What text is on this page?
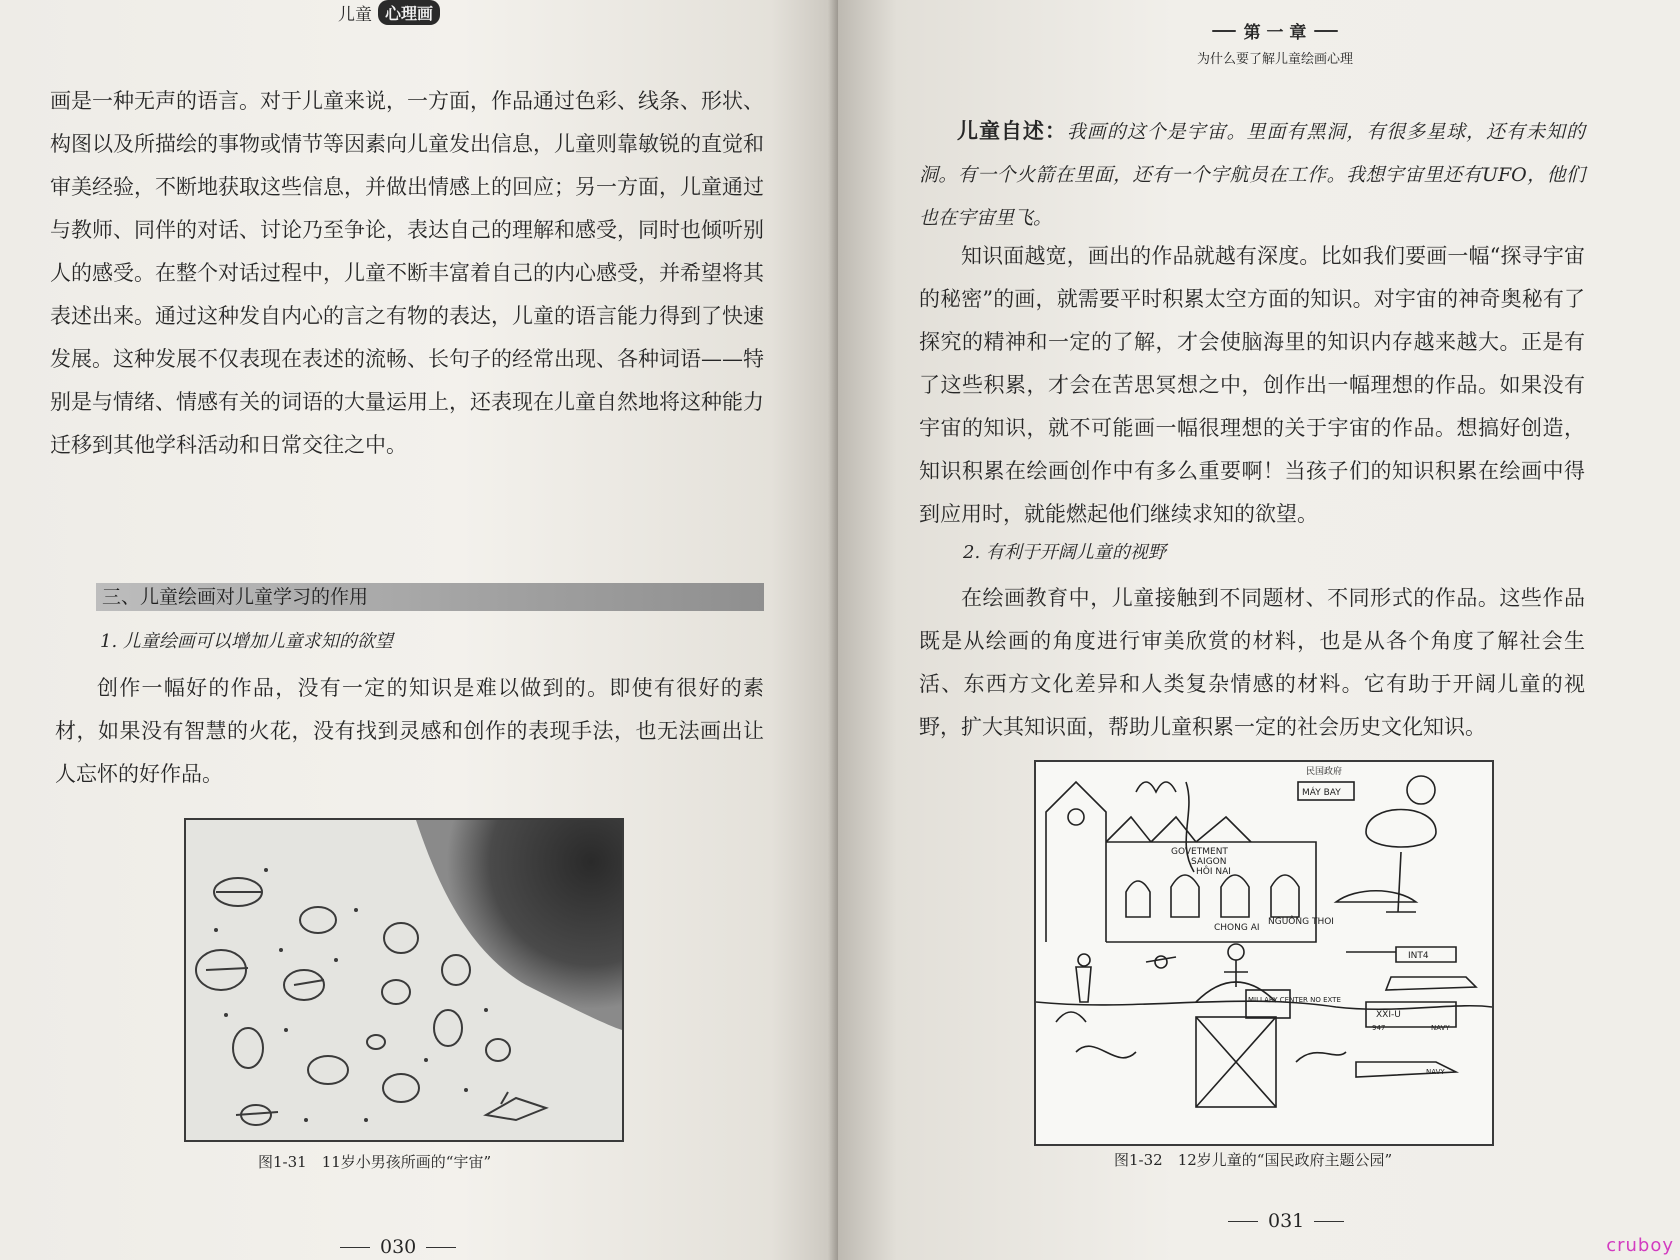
儿童 心理画

画是一种无声的语言。对于儿童来说，一方面，作品通过色彩、线条、形状、构图以及所描绘的事物或情节等因素向儿童发出信息，儿童则靠敏锐的直觉和审美经验，不断地获取这些信息，并做出情感上的回应；另一方面，儿童通过与教师、同伴的对话、讨论乃至争论，表达自己的理解和感受，同时也倾听别人的感受。在整个对话过程中，儿童不断丰富着自己的内心感受，并希望将其表述出来。通过这种发自内心的言之有物的表达，儿童的语言能力得到了快速发展。这种发展不仅表现在表述的流畅、长句子的经常出现、各种词语——特别是与情绪、情感有关的词语的大量运用上，还表现在儿童自然地将这种能力迁移到其他学科活动和日常交往之中。

三、儿童绘画对儿童学习的作用
1. 儿童绘画可以增加儿童求知的欲望

创作一幅好的作品，没有一定的知识是难以做到的。即使有很好的素材，如果没有智慧的火花，没有找到灵感和创作的表现手法，也无法画出让人忘怀的好作品。

图1-31　11岁小男孩所画的“宇宙”
030
第 一 章
为什么要了解儿童绘画心理

儿童自述：我画的这个是宇宙。里面有黑洞，有很多星球，还有未知的洞。有一个火箭在里面，还有一个宇航员在工作。我想宇宙里还有UFO，他们也在宇宙里飞。

知识面越宽，画出的作品就越有深度。比如我们要画一幅“探寻宇宙的秘密”的画，就需要平时积累太空方面的知识。对宇宙的神奇奥秘有了探究的精神和一定的了解，才会使脑海里的知识内存越来越大。正是有了这些积累，才会在苦思冥想之中，创作出一幅理想的作品。如果没有宇宙的知识，就不可能画一幅很理想的关于宇宙的作品。想搞好创造，知识积累在绘画创作中有多么重要啊！当孩子们的知识积累在绘画中得到应用时，就能燃起他们继续求知的欲望。

2. 有利于开阔儿童的视野

在绘画教育中，儿童接触到不同题材、不同形式的作品。这些作品既是从绘画的角度进行审美欣赏的材料，也是从各个角度了解社会生活、东西方文化差异和人类复杂情感的材料。它有助于开阔儿童的视野，扩大其知识面，帮助儿童积累一定的社会历史文化知识。

民国政府
MÁY BAY
GOVETMENT
SAIGON
HÔI NAI
CHONG AI
NGUÔNG THOI
MILLARY CENTER NO EXTE
INT4
XXI-U
NAVY
NAVY
947
图1-32　12岁儿童的“国民政府主题公园”
031
cruboy
